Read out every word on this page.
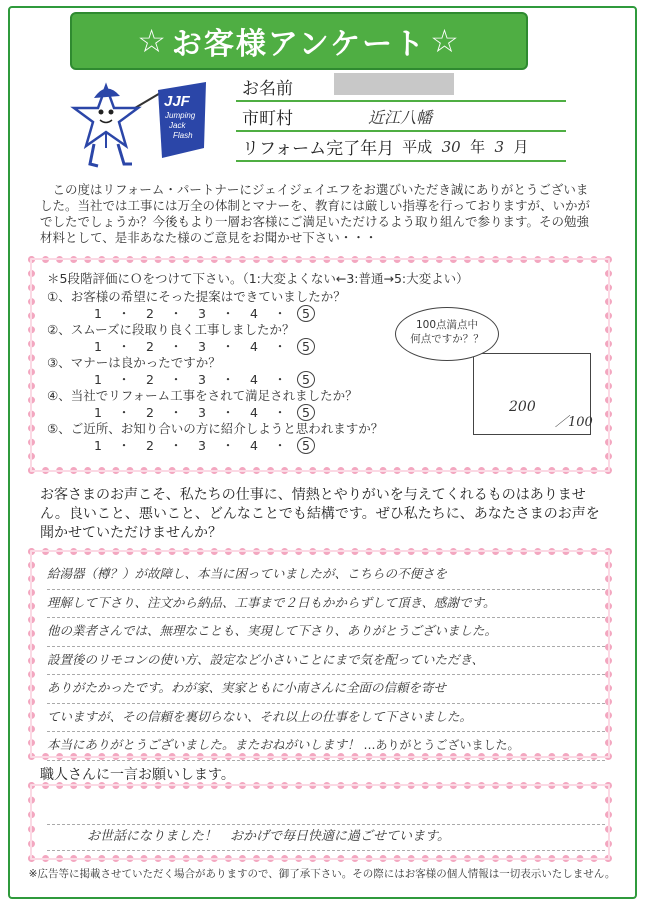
☆ お客様アンケート ☆
JJF
Jumping
Jack
Flash
お名前
市町村	近江八幡
リフォーム完了年月 平成 30 年 3 月
この度はリフォーム・パートナーにジェイジェイエフをお選びいただき誠にありがとうございました。当社では工事には万全の体制とマナーを、教育には厳しい指導を行っておりますが、いかがでしたでしょうか？今後もより一層お客様にご満足いただけるよう取り組んで参ります。その勉強材料として、是非あなた様のご意見をお聞かせ下さい・・・
＊5段階評価にＯをつけて下さい。（1:大変よくない←3:普通→5:大変よい）
①、お客様の希望にそった提案はできていましたか？
1	・	2	・	3	・	4	・	5
②、スムーズに段取り良く工事しましたか？
1	・	2	・	3	・	4	・	5
③、マナーは良かったですか？
1	・	2	・	3	・	4	・	5
④、当社でリフォーム工事をされて満足されましたか？
1	・	2	・	3	・	4	・	5
⑤、ご近所、お知り合いの方に紹介しようと思われますか？
1	・	2	・	3	・	4	・	5
100点満点中
何点ですか？？
200
／100
お客さまのお声こそ、私たちの仕事に、情熱とやりがいを与えてくれるものはありません。良いこと、悪いこと、どんなことでも結構です。ぜひ私たちに、あなたさまのお声を聞かせていただけませんか？
給湯器（樽？）が故障し、本当に困っていましたが、こちらの不便さを
理解して下さり、注文から納品、工事まで２日もかからずして頂き、感謝です。
他の業者さんでは、無理なことも、実現して下さり、ありがとうございました。
設置後のリモコンの使い方、設定など小さいことにまで気を配っていただき、
ありがたかったです。わが家、実家ともに小南さんに全面の信頼を寄せ
ていますが、その信頼を裏切らない、それ以上の仕事をして下さいました。
本当にありがとうございました。またおねがいします！ …ありがとうございました。
職人さんに一言お願いします。
お世話になりました！　おかげで毎日快適に過ごせています。
※広告等に掲載させていただく場合がありますので、御了承下さい。その際にはお客様の個人情報は一切表示いたしません。
